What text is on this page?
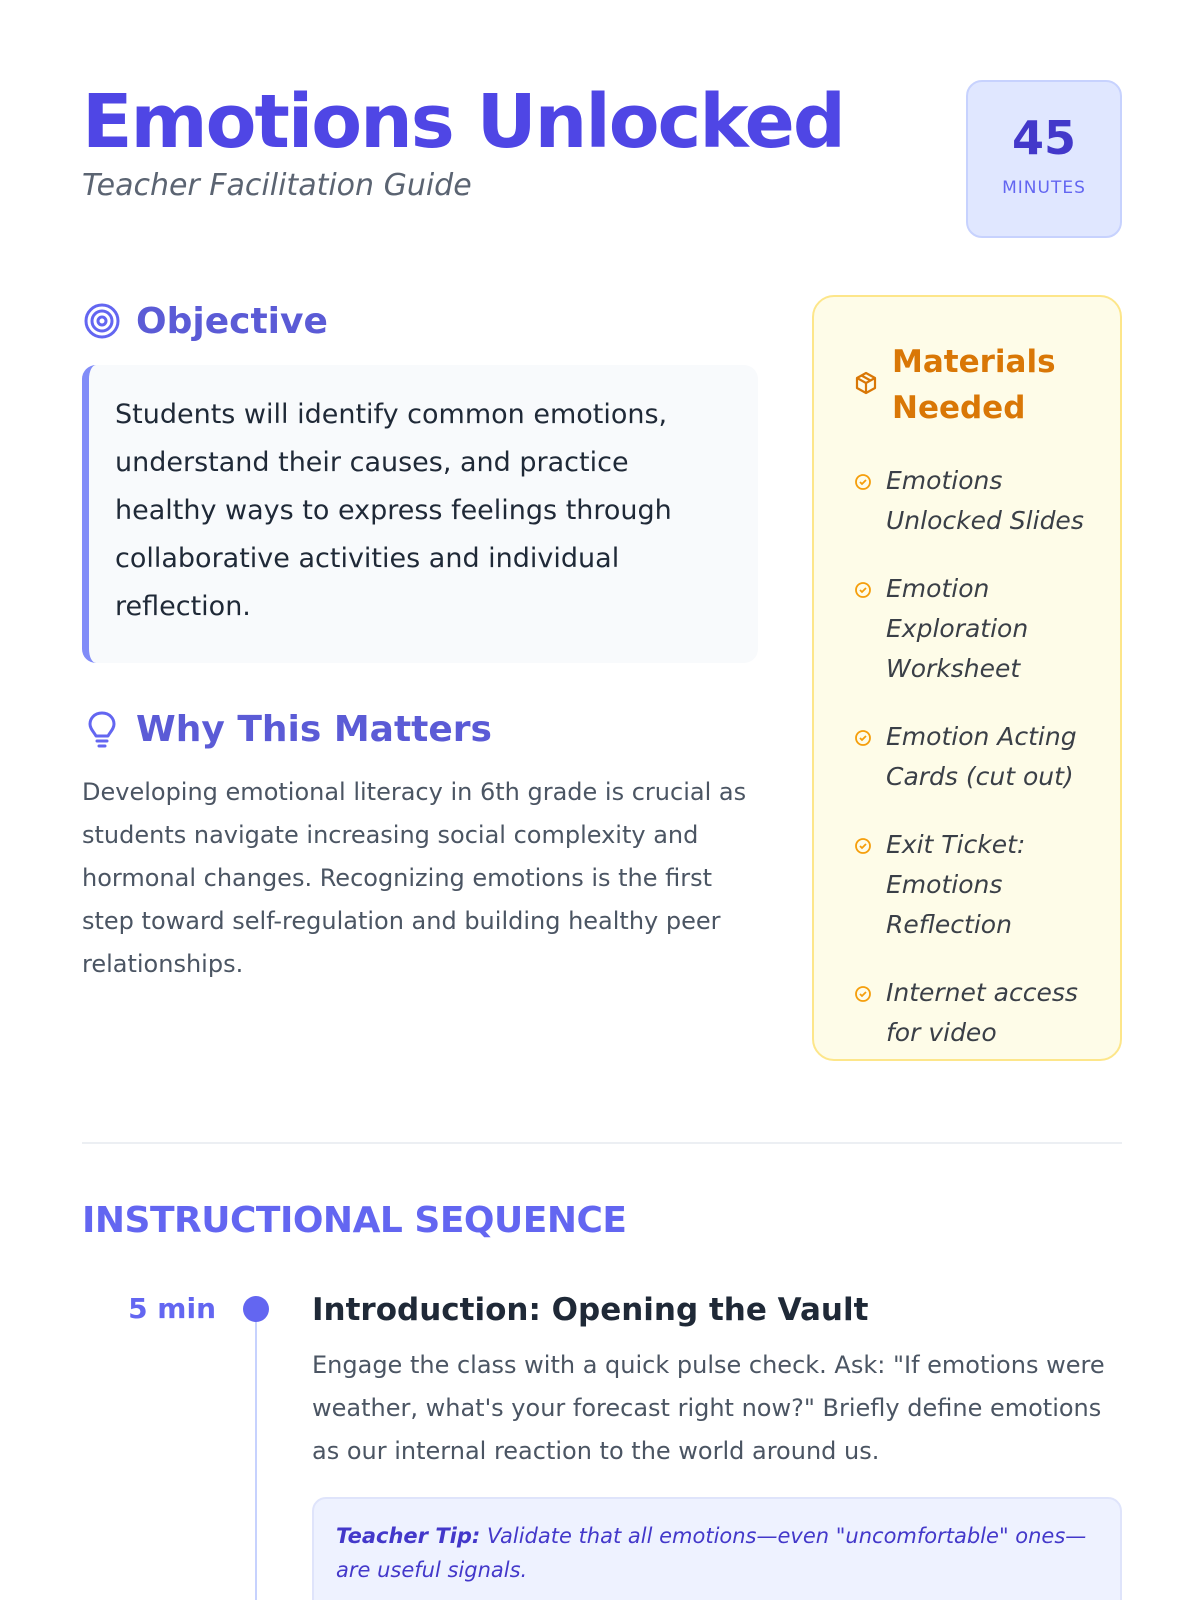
Emotions Unlocked
Teacher Facilitation Guide
45
MINUTES
Objective

Students will identify common emotions, understand their causes, and practice healthy ways to express feelings through collaborative activities and individual reflection.

Why This Matters

Developing emotional literacy in 6th grade is crucial as students navigate increasing social complexity and hormonal changes. Recognizing emotions is the first step toward self-regulation and building healthy peer relationships.

Materials Needed
Emotions Unlocked Slides
Emotion Exploration Worksheet
Emotion Acting Cards (cut out)
Exit Ticket: Emotions Reflection
Internet access for video
INSTRUCTIONAL SEQUENCE
5 min	Introduction: Opening the Vault

Engage the class with a quick pulse check. Ask: "If emotions were weather, what's your forecast right now?" Briefly define emotions as our internal reaction to the world around us.

Teacher Tip: Validate that all emotions—even "uncomfortable" ones—are useful signals.
